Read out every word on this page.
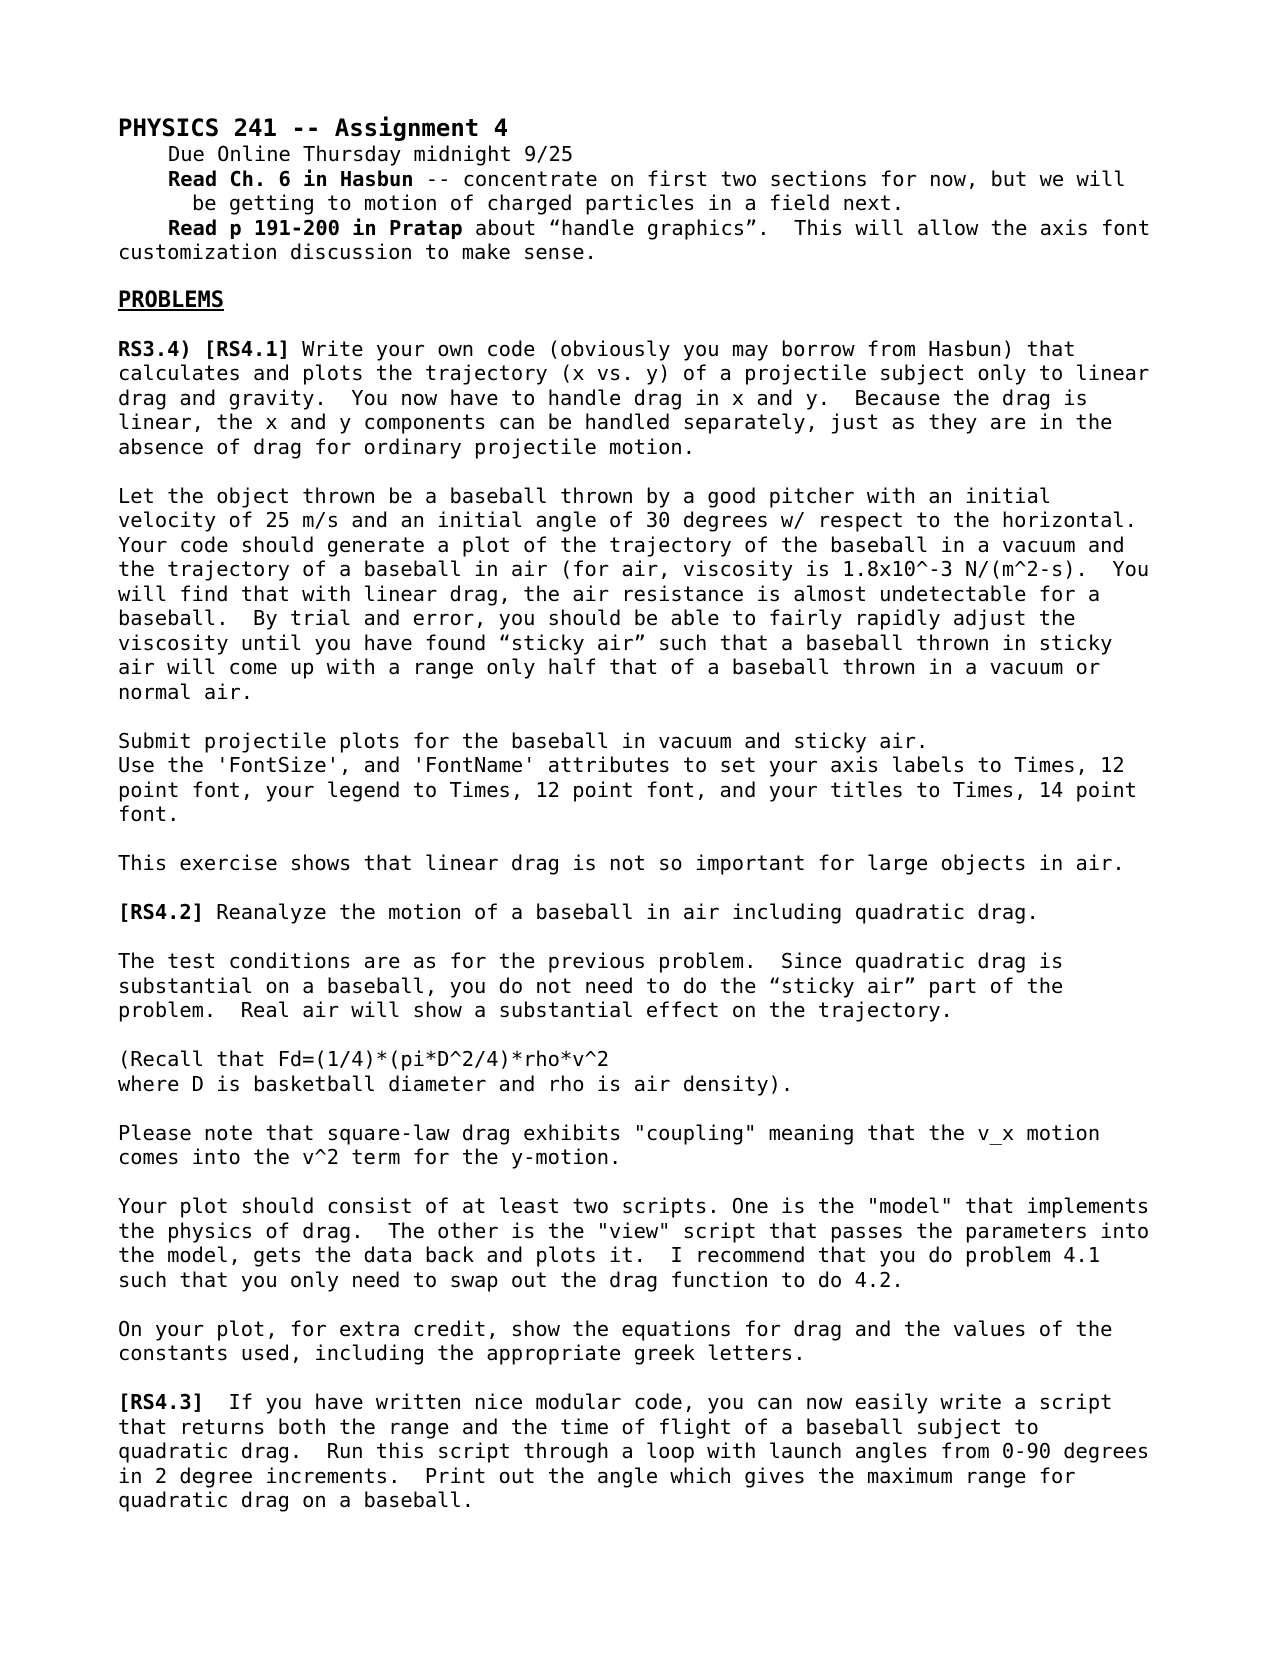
PHYSICS 241 -- Assignment 4
Due Online Thursday midnight 9/25
Read Ch. 6 in Hasbun -- concentrate on first two sections for now, but we will
be getting to motion of charged particles in a field next.
Read p 191-200 in Pratap about “handle graphics”.  This will allow the axis font
customization discussion to make sense.
PROBLEMS
RS3.4) [RS4.1] Write your own code (obviously you may borrow from Hasbun) that
calculates and plots the trajectory (x vs. y) of a projectile subject only to linear
drag and gravity.  You now have to handle drag in x and y.  Because the drag is
linear, the x and y components can be handled separately, just as they are in the
absence of drag for ordinary projectile motion.
Let the object thrown be a baseball thrown by a good pitcher with an initial
velocity of 25 m/s and an initial angle of 30 degrees w/ respect to the horizontal.
Your code should generate a plot of the trajectory of the baseball in a vacuum and
the trajectory of a baseball in air (for air, viscosity is 1.8x10^-3 N/(m^2-s).  You
will find that with linear drag, the air resistance is almost undetectable for a
baseball.  By trial and error, you should be able to fairly rapidly adjust the
viscosity until you have found “sticky air” such that a baseball thrown in sticky
air will come up with a range only half that of a baseball thrown in a vacuum or
normal air.
Submit projectile plots for the baseball in vacuum and sticky air.
Use the 'FontSize', and 'FontName' attributes to set your axis labels to Times, 12
point font, your legend to Times, 12 point font, and your titles to Times, 14 point
font.
This exercise shows that linear drag is not so important for large objects in air.
[RS4.2] Reanalyze the motion of a baseball in air including quadratic drag.
The test conditions are as for the previous problem.  Since quadratic drag is
substantial on a baseball, you do not need to do the “sticky air” part of the
problem.  Real air will show a substantial effect on the trajectory.
(Recall that Fd=(1/4)*(pi*D^2/4)*rho*v^2
where D is basketball diameter and rho is air density).
Please note that square-law drag exhibits "coupling" meaning that the v_x motion
comes into the v^2 term for the y-motion.
Your plot should consist of at least two scripts. One is the "model" that implements
the physics of drag.  The other is the "view" script that passes the parameters into
the model, gets the data back and plots it.  I recommend that you do problem 4.1
such that you only need to swap out the drag function to do 4.2.
On your plot, for extra credit, show the equations for drag and the values of the
constants used, including the appropriate greek letters.
[RS4.3]  If you have written nice modular code, you can now easily write a script
that returns both the range and the time of flight of a baseball subject to
quadratic drag.  Run this script through a loop with launch angles from 0-90 degrees
in 2 degree increments.  Print out the angle which gives the maximum range for
quadratic drag on a baseball.
